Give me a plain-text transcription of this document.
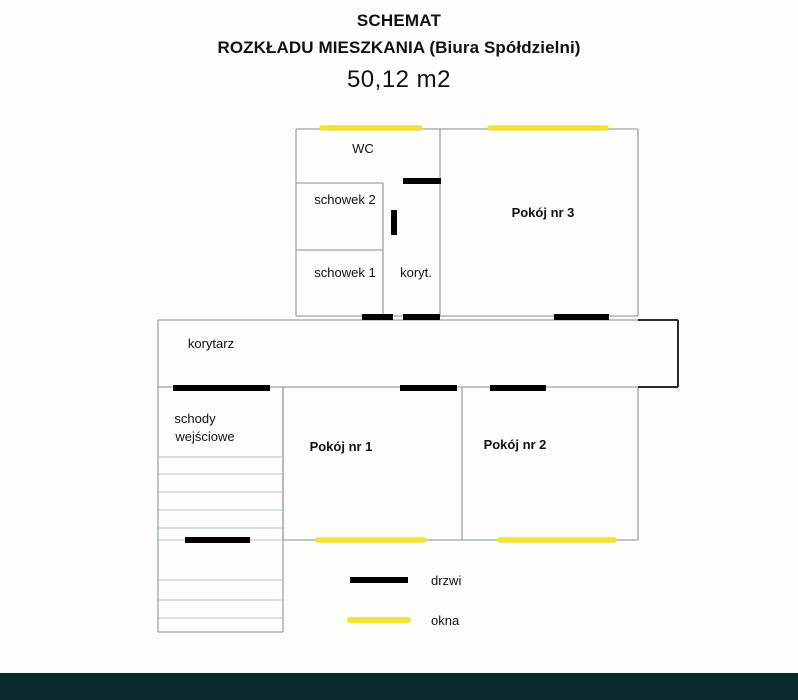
SCHEMAT
ROZKŁADU MIESZKANIA (Biura Spółdzielni)
50,12 m2
WC
schowek 2
schowek 1 koryt.
Pokój nr 3
korytarz
schody
wejściowe
Pokój nr 1	Pokój nr 2
drzwi
okna
